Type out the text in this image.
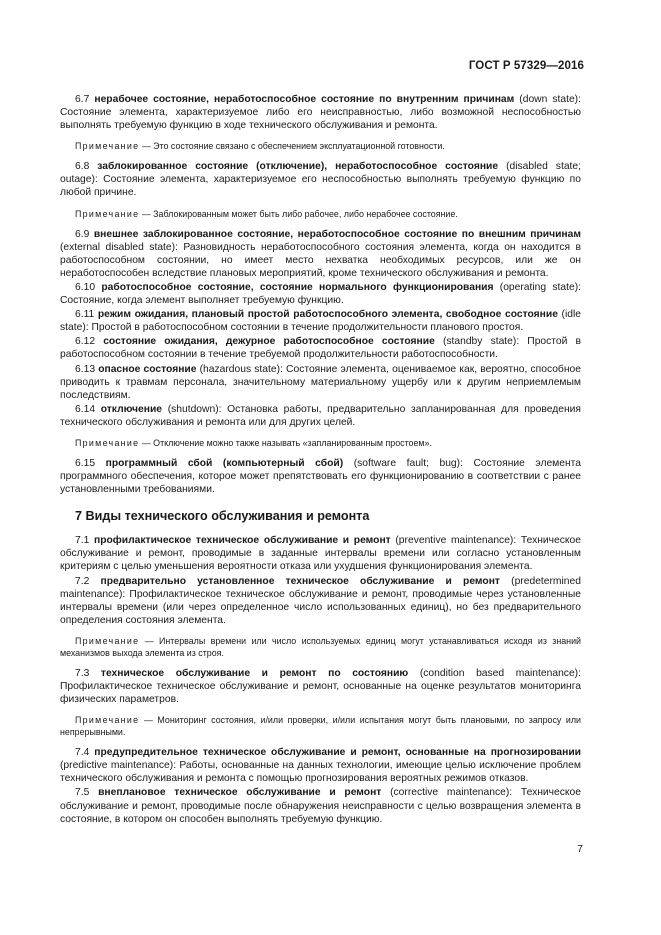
ГОСТ Р 57329—2016

6.7 нерабочее состояние, неработоспособное состояние по внутренним причинам (down state): Состояние элемента, характеризуемое либо его неисправностью, либо возможной неспособностью выполнять требуемую функцию в ходе технического обслуживания и ремонта.

Примечание — Это состояние связано с обеспечением эксплуатационной готовности.

6.8 заблокированное состояние (отключение), неработоспособное состояние (disabled state; outage): Состояние элемента, характеризуемое его неспособностью выполнять требуемую функцию по любой причине.

Примечание — Заблокированным может быть либо рабочее, либо нерабочее состояние.

6.9 внешнее заблокированное состояние, неработоспособное состояние по внешним причинам (external disabled state): Разновидность неработоспособного состояния элемента, когда он находится в работоспособном состоянии, но имеет место нехватка необходимых ресурсов, или же он неработоспособен вследствие плановых мероприятий, кроме технического обслуживания и ремонта.

6.10 работоспособное состояние, состояние нормального функционирования (operating state): Состояние, когда элемент выполняет требуемую функцию.

6.11 режим ожидания, плановый простой работоспособного элемента, свободное состояние (idle state): Простой в работоспособном состоянии в течение продолжительности планового простоя.

6.12 состояние ожидания, дежурное работоспособное состояние (standby state): Простой в работоспособном состоянии в течение требуемой продолжительности работоспособности.

6.13 опасное состояние (hazardous state): Состояние элемента, оцениваемое как, вероятно, способное приводить к травмам персонала, значительному материальному ущербу или к другим неприемлемым последствиям.

6.14 отключение (shutdown): Остановка работы, предварительно запланированная для проведения технического обслуживания и ремонта или для других целей.

Примечание — Отключение можно также называть «запланированным простоем».

6.15 программный сбой (компьютерный сбой) (software fault; bug): Состояние элемента программного обеспечения, которое может препятствовать его функционированию в соответствии с ранее установленными требованиями.

7 Виды технического обслуживания и ремонта

7.1 профилактическое техническое обслуживание и ремонт (preventive maintenance): Техническое обслуживание и ремонт, проводимые в заданные интервалы времени или согласно установленным критериям с целью уменьшения вероятности отказа или ухудшения функционирования элемента.

7.2 предварительно установленное техническое обслуживание и ремонт (predetermined maintenance): Профилактическое техническое обслуживание и ремонт, проводимые через установленные интервалы времени (или через определенное число использованных единиц), но без предварительного определения состояния элемента.

Примечание — Интервалы времени или число используемых единиц могут устанавливаться исходя из знаний механизмов выхода элемента из строя.

7.3 техническое обслуживание и ремонт по состоянию (condition based maintenance): Профилактическое техническое обслуживание и ремонт, основанные на оценке результатов мониторинга физических параметров.

Примечание — Мониторинг состояния, и/или проверки, и/или испытания могут быть плановыми, по запросу или непрерывными.

7.4 предупредительное техническое обслуживание и ремонт, основанные на прогнозировании (predictive maintenance): Работы, основанные на данных технологии, имеющие целью исключение проблем технического обслуживания и ремонта с помощью прогнозирования вероятных режимов отказов.

7.5 внеплановое техническое обслуживание и ремонт (corrective maintenance): Техническое обслуживание и ремонт, проводимые после обнаружения неисправности с целью возвращения элемента в состояние, в котором он способен выполнять требуемую функцию.

7
